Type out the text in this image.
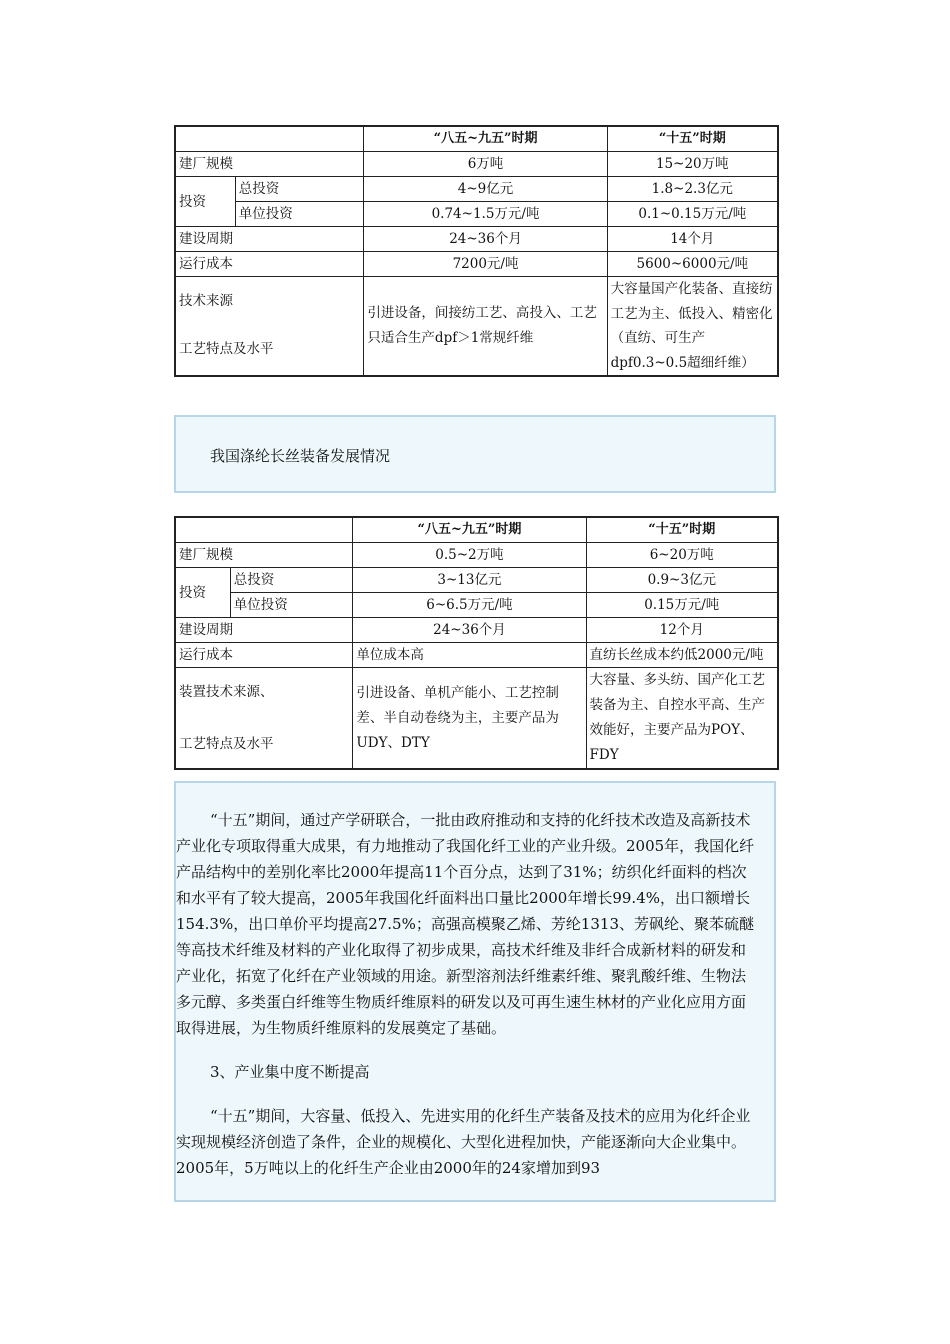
		“八五~九五”时期	“十五”时期
建厂规模		6万吨	15~20万吨
投资	总投资	4~9亿元	1.8~2.3亿元
	单位投资	0.74~1.5万元/吨	0.1~0.15万元/吨
建设周期		24~36个月	14个月
运行成本		7200元/吨	5600~6000元/吨

技术来源
工艺特点及水平		引进设备，间接纺工艺、高投入、工艺只适合生产dpf＞1常规纤维	大容量国产化装备、直接纺工艺为主、低投入、精密化（直纺、可生产dpf0.3~0.5超细纤维）
我国涤纶长丝装备发展情况
		“八五~九五”时期	“十五”时期
建厂规模		0.5~2万吨	6~20万吨
投资	总投资	3~13亿元	0.9~3亿元
	单位投资	6~6.5万元/吨	0.15万元/吨
建设周期		24~36个月	12个月
运行成本		单位成本高	直纺长丝成本约低2000元/吨

装置技术来源、
工艺特点及水平		引进设备、单机产能小、工艺控制差、半自动卷绕为主，主要产品为UDY、DTY	大容量、多头纺、国产化工艺装备为主、自控水平高、生产效能好，主要产品为POY、FDY

“十五”期间，通过产学研联合，一批由政府推动和支持的化纤技术改造及高新技术产业化专项取得重大成果，有力地推动了我国化纤工业的产业升级。2005年，我国化纤产品结构中的差别化率比2000年提高11个百分点，达到了31%；纺织化纤面料的档次和水平有了较大提高，2005年我国化纤面料出口量比2000年增长99.4%，出口额增长154.3%，出口单价平均提高27.5%；高强高模聚乙烯、芳纶1313、芳砜纶、聚苯硫醚等高技术纤维及材料的产业化取得了初步成果，高技术纤维及非纤合成新材料的研发和产业化，拓宽了化纤在产业领域的用途。新型溶剂法纤维素纤维、聚乳酸纤维、生物法多元醇、多类蛋白纤维等生物质纤维原料的研发以及可再生速生林材的产业化应用方面取得进展，为生物质纤维原料的发展奠定了基础。

3、产业集中度不断提高

“十五”期间，大容量、低投入、先进实用的化纤生产装备及技术的应用为化纤企业实现规模经济创造了条件，企业的规模化、大型化进程加快，产能逐渐向大企业集中。2005年，5万吨以上的化纤生产企业由2000年的24家增加到93
